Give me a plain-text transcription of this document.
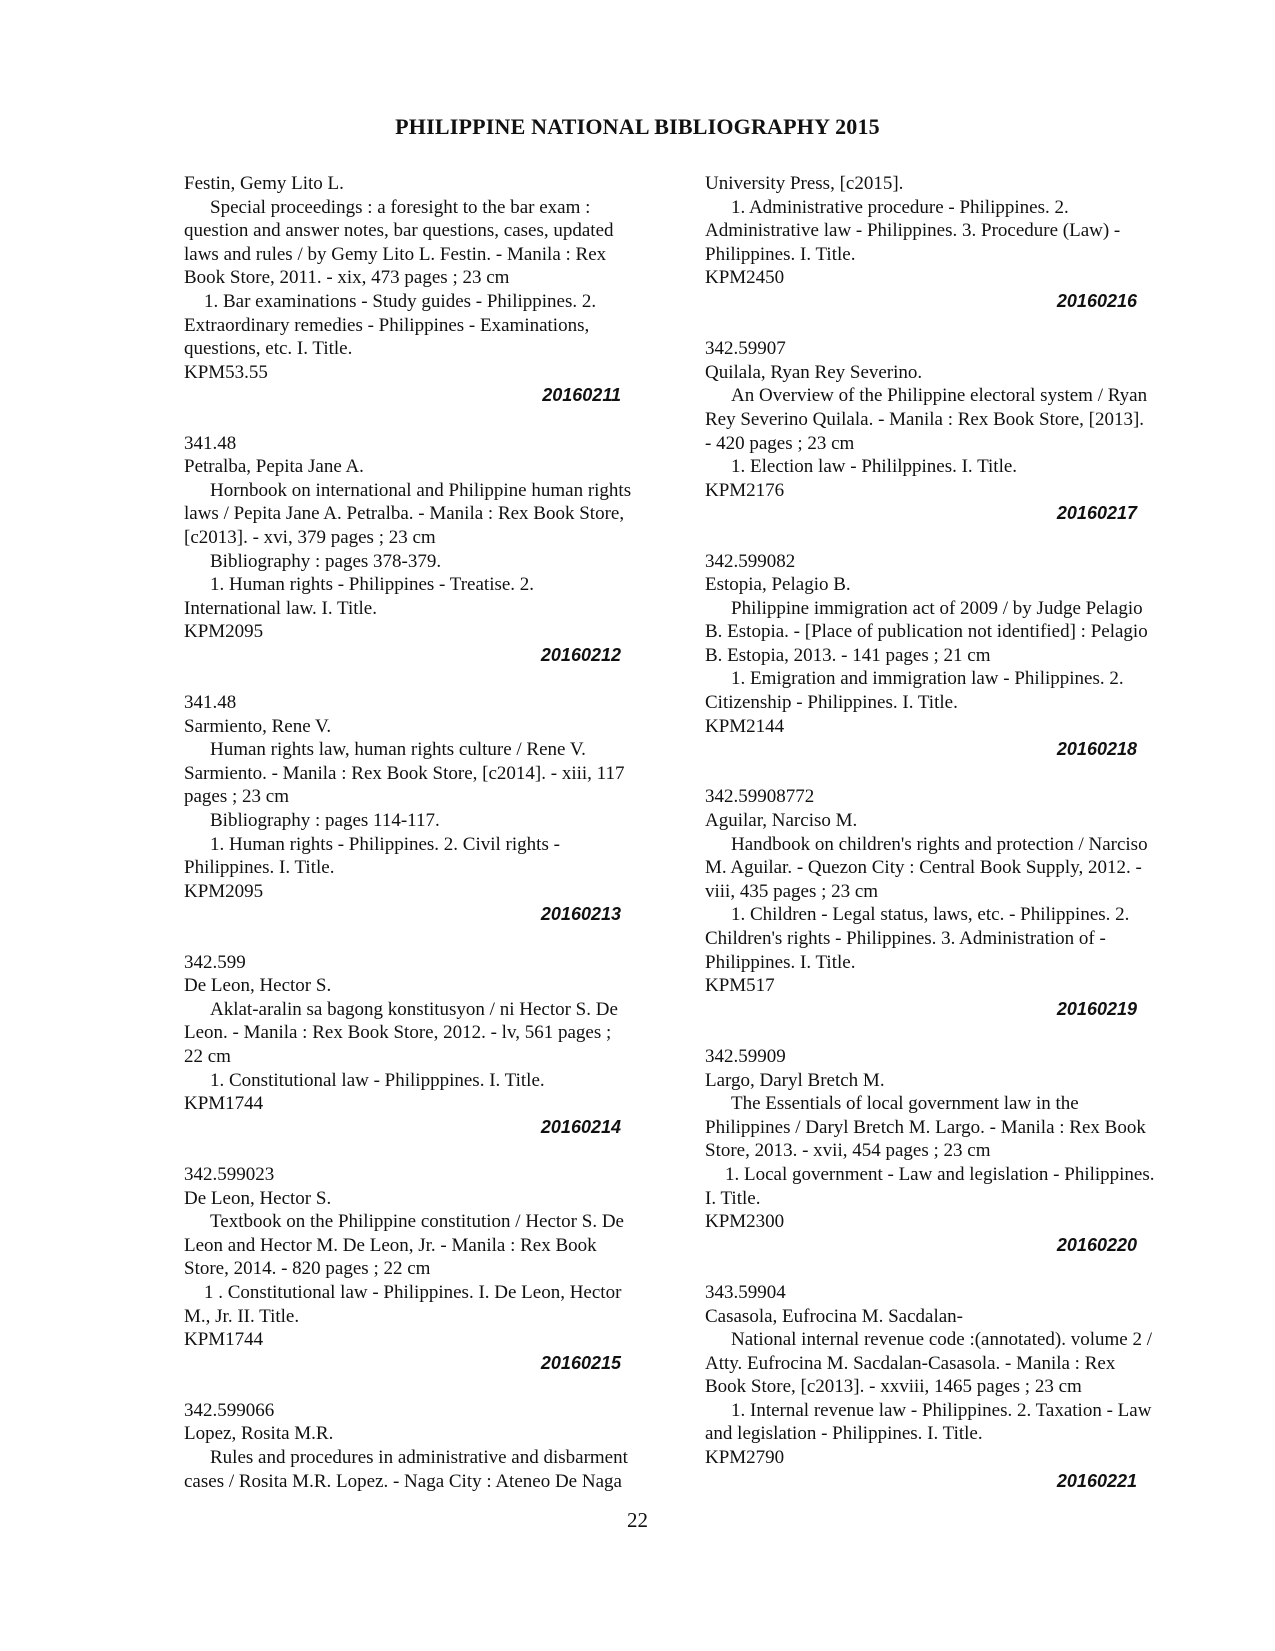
PHILIPPINE NATIONAL BIBLIOGRAPHY 2015
Festin, Gemy Lito L.
Special proceedings : a foresight to the bar exam :
question and answer notes, bar questions, cases, updated
laws and rules / by Gemy Lito L. Festin. - Manila : Rex
Book Store, 2011. - xix, 473 pages ; 23 cm
1. Bar examinations - Study guides - Philippines. 2.
Extraordinary remedies - Philippines - Examinations,
questions, etc. I. Title.
KPM53.55
20160211
341.48
Petralba, Pepita Jane A.
Hornbook on international and Philippine human rights
laws / Pepita Jane A. Petralba. - Manila : Rex Book Store,
[c2013]. - xvi, 379 pages ; 23 cm
Bibliography : pages 378-379.
1. Human rights - Philippines - Treatise. 2.
International law. I. Title.
KPM2095
20160212
341.48
Sarmiento, Rene V.
Human rights law, human rights culture / Rene V.
Sarmiento. - Manila : Rex Book Store, [c2014]. - xiii, 117
pages ; 23 cm
Bibliography : pages 114-117.
1. Human rights - Philippines. 2. Civil rights -
Philippines. I. Title.
KPM2095
20160213
342.599
De Leon, Hector S.
Aklat-aralin sa bagong konstitusyon / ni Hector S. De
Leon. - Manila : Rex Book Store, 2012. - lv, 561 pages ;
22 cm
1. Constitutional law - Philipppines. I. Title.
KPM1744
20160214
342.599023
De Leon, Hector S.
Textbook on the Philippine constitution / Hector S. De
Leon and Hector M. De Leon, Jr. - Manila : Rex Book
Store, 2014. - 820 pages ; 22 cm
1 . Constitutional law - Philippines. I. De Leon, Hector
M., Jr. II. Title.
KPM1744
20160215
342.599066
Lopez, Rosita M.R.
Rules and procedures in administrative and disbarment
cases / Rosita M.R. Lopez. - Naga City : Ateneo De Naga
University Press, [c2015].
1. Administrative procedure - Philippines. 2.
Administrative law - Philippines. 3. Procedure (Law) -
Philippines. I. Title.
KPM2450
20160216
342.59907
Quilala, Ryan Rey Severino.
An Overview of the Philippine electoral system / Ryan
Rey Severino Quilala. - Manila : Rex Book Store, [2013].
- 420 pages ; 23 cm
1. Election law - Phililppines. I. Title.
KPM2176
20160217
342.599082
Estopia, Pelagio B.
Philippine immigration act of 2009 / by Judge Pelagio
B. Estopia. - [Place of publication not identified] : Pelagio
B. Estopia, 2013. - 141 pages ; 21 cm
1. Emigration and immigration law - Philippines. 2.
Citizenship - Philippines. I. Title.
KPM2144
20160218
342.59908772
Aguilar, Narciso M.
Handbook on children's rights and protection / Narciso
M. Aguilar. - Quezon City : Central Book Supply, 2012. -
viii, 435 pages ; 23 cm
1. Children - Legal status, laws, etc. - Philippines. 2.
Children's rights - Philippines. 3. Administration of -
Philippines. I. Title.
KPM517
20160219
342.59909
Largo, Daryl Bretch M.
The Essentials of local government law in the
Philippines / Daryl Bretch M. Largo. - Manila : Rex Book
Store, 2013. - xvii, 454 pages ; 23 cm
1. Local government - Law and legislation - Philippines.
I. Title.
KPM2300
20160220
343.59904
Casasola, Eufrocina M. Sacdalan-
National internal revenue code :(annotated). volume 2 /
Atty. Eufrocina M. Sacdalan-Casasola. - Manila : Rex
Book Store, [c2013]. - xxviii, 1465 pages ; 23 cm
1. Internal revenue law - Philippines. 2. Taxation - Law
and legislation - Philippines. I. Title.
KPM2790
20160221
22
